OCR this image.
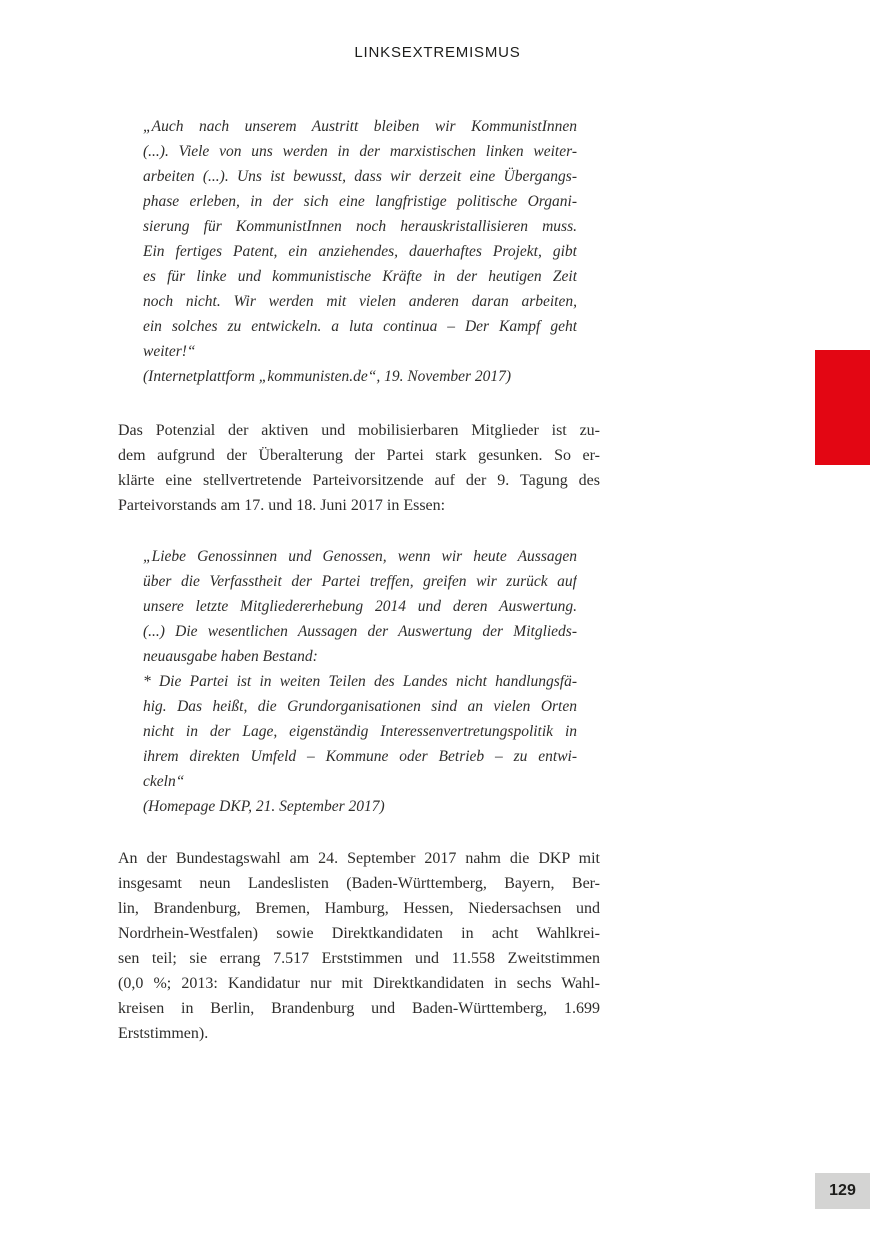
LINKSEXTREMISMUS
„Auch nach unserem Austritt bleiben wir KommunistInnen
(...). Viele von uns werden in der marxistischen linken weiter-
arbeiten (...). Uns ist bewusst, dass wir derzeit eine Übergangs-
phase erleben, in der sich eine langfristige politische Organi-
sierung für KommunistInnen noch herauskristallisieren muss.
Ein fertiges Patent, ein anziehendes, dauerhaftes Projekt, gibt
es für linke und kommunistische Kräfte in der heutigen Zeit
noch nicht. Wir werden mit vielen anderen daran arbeiten,
ein solches zu entwickeln. a luta continua – Der Kampf geht
weiter!“
(Internetplattform „kommunisten.de“, 19. November 2017)
Das Potenzial der aktiven und mobilisierbaren Mitglieder ist zu-
dem aufgrund der Überalterung der Partei stark gesunken. So er-
klärte eine stellvertretende Parteivorsitzende auf der 9. Tagung des
Parteivorstands am 17. und 18. Juni 2017 in Essen:
„Liebe Genossinnen und Genossen, wenn wir heute Aussagen
über die Verfasstheit der Partei treffen, greifen wir zurück auf
unsere letzte Mitgliedererhebung 2014 und deren Auswertung.
(...) Die wesentlichen Aussagen der Auswertung der Mitglieds-
neuausgabe haben Bestand:
* Die Partei ist in weiten Teilen des Landes nicht handlungsfä-
hig. Das heißt, die Grundorganisationen sind an vielen Orten
nicht in der Lage, eigenständig Interessenvertretungspolitik in
ihrem direkten Umfeld – Kommune oder Betrieb – zu entwi-
ckeln“
(Homepage DKP, 21. September 2017)
An der Bundestagswahl am 24. September 2017 nahm die DKP mit
insgesamt neun Landeslisten (Baden-Württemberg, Bayern, Ber-
lin, Brandenburg, Bremen, Hamburg, Hessen, Niedersachsen und
Nordrhein-Westfalen) sowie Direktkandidaten in acht Wahlkrei-
sen teil; sie errang 7.517 Erststimmen und 11.558 Zweitstimmen
(0,0 %; 2013: Kandidatur nur mit Direktkandidaten in sechs Wahl-
kreisen in Berlin, Brandenburg und Baden-Württemberg, 1.699
Erststimmen).
129
